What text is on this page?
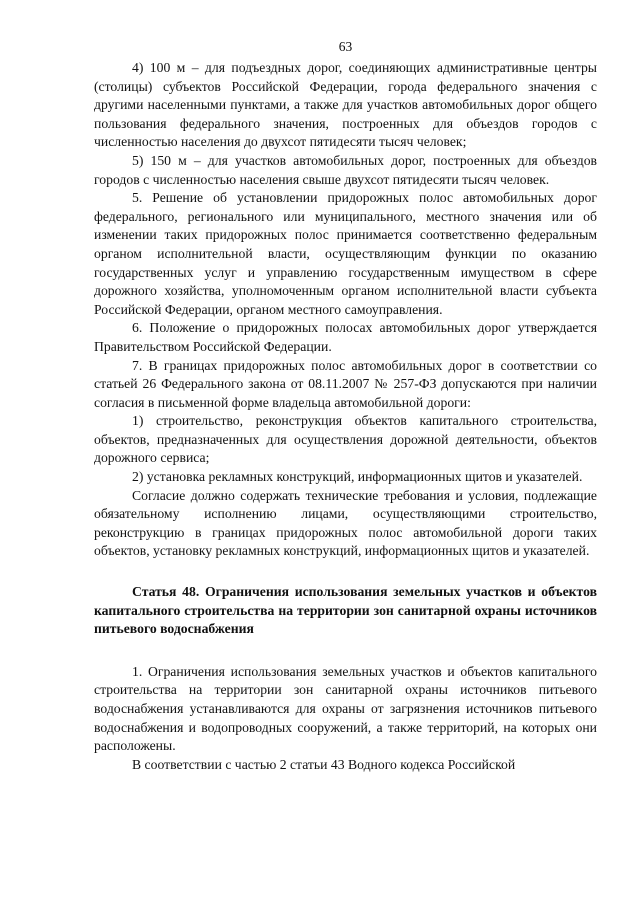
63

4) 100 м – для подъездных дорог, соединяющих административные центры (столицы) субъектов Российской Федерации, города федерального значения с другими населенными пунктами, а также для участков автомобильных дорог общего пользования федерального значения, построенных для объездов городов с численностью населения до двухсот пятидесяти тысяч человек;

5) 150 м – для участков автомобильных дорог, построенных для объездов городов с численностью населения свыше двухсот пятидесяти тысяч человек.

5. Решение об установлении придорожных полос автомобильных дорог федерального, регионального или муниципального, местного значения или об изменении таких придорожных полос принимается соответственно федеральным органом исполнительной власти, осуществляющим функции по оказанию государственных услуг и управлению государственным имуществом в сфере дорожного хозяйства, уполномоченным органом исполнительной власти субъекта Российской Федерации, органом местного самоуправления.

6. Положение о придорожных полосах автомобильных дорог утверждается Правительством Российской Федерации.

7. В границах придорожных полос автомобильных дорог в соответствии со статьей 26 Федерального закона от 08.11.2007 № 257-ФЗ допускаются при наличии согласия в письменной форме владельца автомобильной дороги:

1) строительство, реконструкция объектов капитального строительства, объектов, предназначенных для осуществления дорожной деятельности, объектов дорожного сервиса;

2) установка рекламных конструкций, информационных щитов и указателей.

Согласие должно содержать технические требования и условия, подлежащие обязательному исполнению лицами, осуществляющими строительство, реконструкцию в границах придорожных полос автомобильной дороги таких объектов, установку рекламных конструкций, информационных щитов и указателей.

Статья 48. Ограничения использования земельных участков и объектов капитального строительства на территории зон санитарной охраны источников питьевого водоснабжения

1. Ограничения использования земельных участков и объектов капитального строительства на территории зон санитарной охраны источников питьевого водоснабжения устанавливаются для охраны от загрязнения источников питьевого водоснабжения и водопроводных сооружений, а также территорий, на которых они расположены.

В соответствии с частью 2 статьи 43 Водного кодекса Российской
